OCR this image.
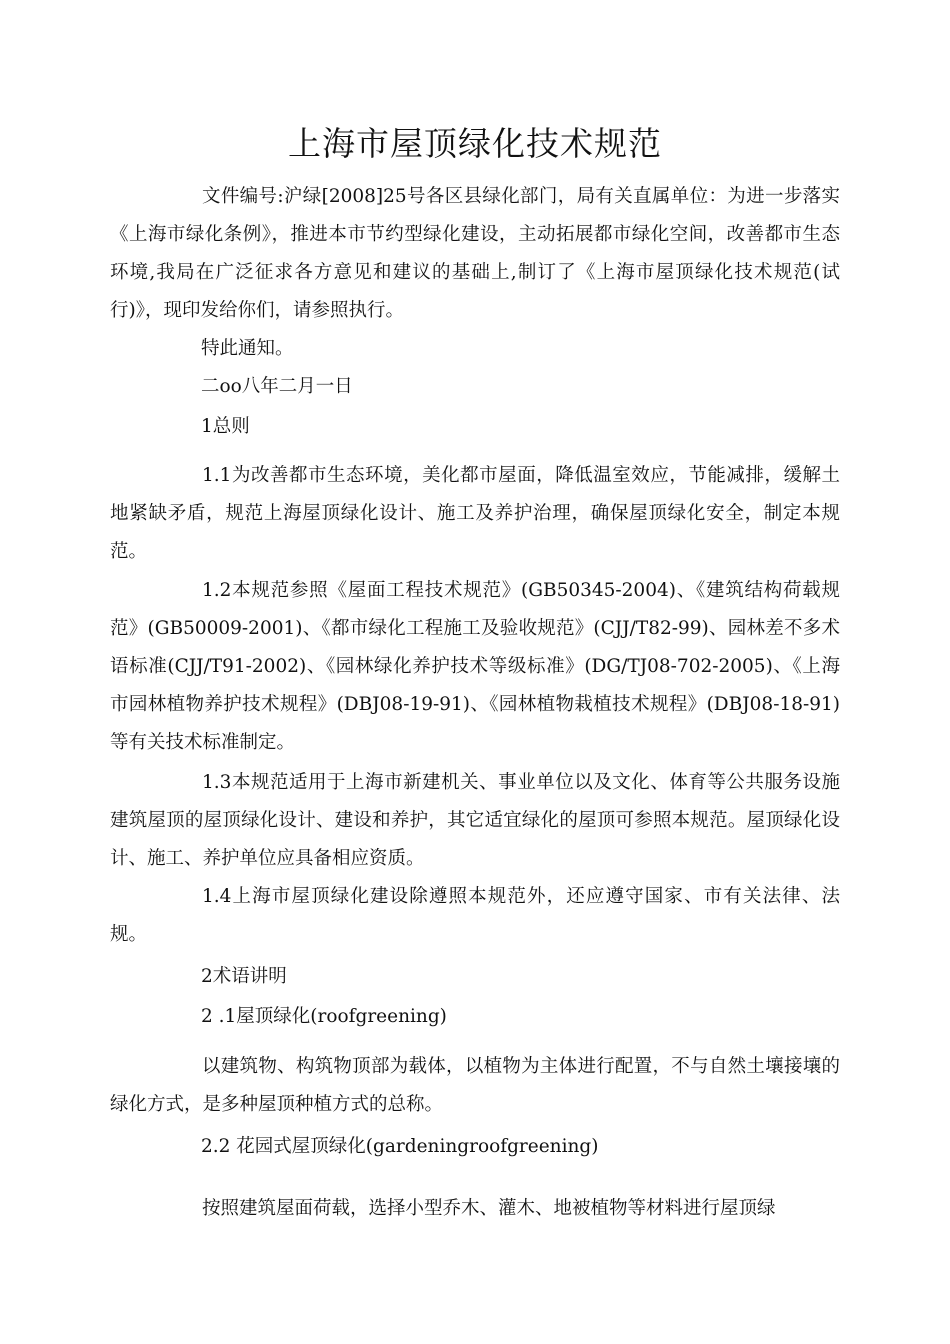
上海市屋顶绿化技术规范

文件编号:沪绿[2008]25号各区县绿化部门，局有关直属单位：为进一步落实《上海市绿化条例》，推进本市节约型绿化建设，主动拓展都市绿化空间，改善都市生态环境,我局在广泛征求各方意见和建议的基础上,制订了《上海市屋顶绿化技术规范(试行)》，现印发给你们，请参照执行。

特此通知。

二oo八年二月一日

1总则

1.1为改善都市生态环境，美化都市屋面，降低温室效应，节能减排，缓解土地紧缺矛盾，规范上海屋顶绿化设计、施工及养护治理，确保屋顶绿化安全，制定本规范。

1.2本规范参照《屋面工程技术规范》(GB50345-2004)、《建筑结构荷载规范》(GB50009-2001)、《都市绿化工程施工及验收规范》(CJJ/T82-99)、园林差不多术语标准(CJJ/T91-2002)、《园林绿化养护技术等级标准》(DG/TJ08-702-2005)、《上海市园林植物养护技术规程》(DBJ08-19-91)、《园林植物栽植技术规程》(DBJ08-18-91)等有关技术标准制定。

1.3本规范适用于上海市新建机关、事业单位以及文化、体育等公共服务设施建筑屋顶的屋顶绿化设计、建设和养护，其它适宜绿化的屋顶可参照本规范。屋顶绿化设计、施工、养护单位应具备相应资质。

1.4上海市屋顶绿化建设除遵照本规范外，还应遵守国家、市有关法律、法规。

2术语讲明

2 .1屋顶绿化(roofgreening)

以建筑物、构筑物顶部为载体，以植物为主体进行配置，不与自然土壤接壤的绿化方式，是多种屋顶种植方式的总称。

2.2 花园式屋顶绿化(gardeningroofgreening)

按照建筑屋面荷载，选择小型乔木、灌木、地被植物等材料进行屋顶绿
